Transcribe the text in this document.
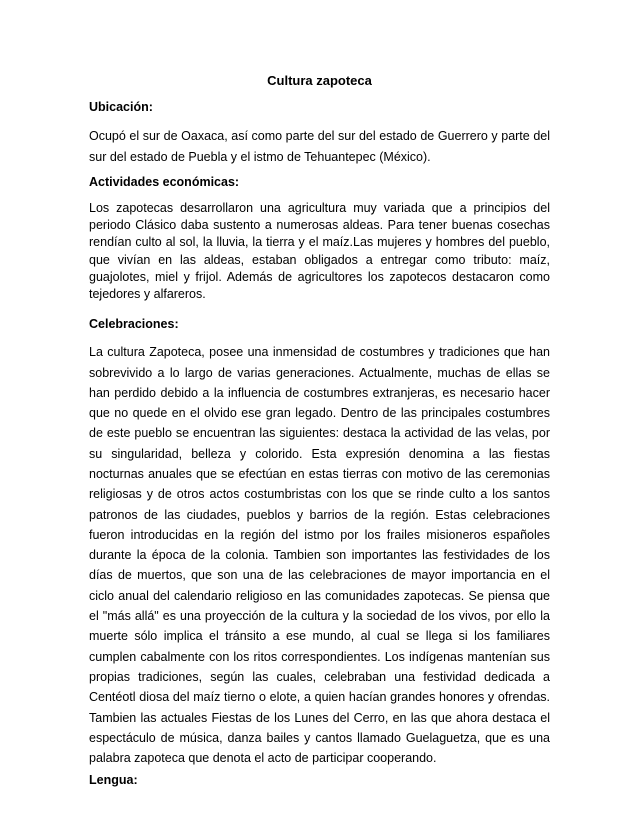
Cultura zapoteca

Ubicación:

Ocupó el sur de Oaxaca, así como parte del sur del estado de Guerrero y parte del sur del estado de Puebla y el istmo de Tehuantepec (México).

Actividades económicas:

Los zapotecas desarrollaron una agricultura muy variada que a principios del periodo Clásico daba sustento a numerosas aldeas. Para tener buenas cosechas rendían culto al sol, la lluvia, la tierra y el maíz.Las mujeres y hombres del pueblo, que vivían en las aldeas, estaban obligados a entregar como tributo: maíz, guajolotes, miel y frijol. Además de agricultores los zapotecos destacaron como tejedores y alfareros.

Celebraciones:

La cultura Zapoteca, posee una inmensidad de costumbres y tradiciones que han sobrevivido a lo largo de varias generaciones. Actualmente, muchas de ellas se han perdido debido a la influencia de costumbres extranjeras, es necesario hacer que no quede en el olvido ese gran legado. Dentro de las principales costumbres de este pueblo se encuentran las siguientes: destaca la actividad de las velas, por su singularidad, belleza y colorido. Esta expresión denomina a las fiestas nocturnas anuales que se efectúan en estas tierras con motivo de las ceremonias religiosas y de otros actos costumbristas con los que se rinde culto a los santos patronos de las ciudades, pueblos y barrios de la región. Estas celebraciones fueron introducidas en la región del istmo por los frailes misioneros españoles durante la época de la colonia. Tambien son importantes las festividades de los días de muertos, que son una de las celebraciones de mayor importancia en el ciclo anual del calendario religioso en las comunidades zapotecas. Se piensa que el "más allá" es una proyección de la cultura y la sociedad de los vivos, por ello la muerte sólo implica el tránsito a ese mundo, al cual se llega si los familiares cumplen cabalmente con los ritos correspondientes. Los indígenas mantenían sus propias tradiciones, según las cuales, celebraban una festividad dedicada a Centéotl diosa del maíz tierno o elote, a quien hacían grandes honores y ofrendas. Tambien las actuales Fiestas de los Lunes del Cerro, en las que ahora destaca el espectáculo de música, danza bailes y cantos llamado Guelaguetza, que es una palabra zapoteca que denota el acto de participar cooperando.

Lengua:
